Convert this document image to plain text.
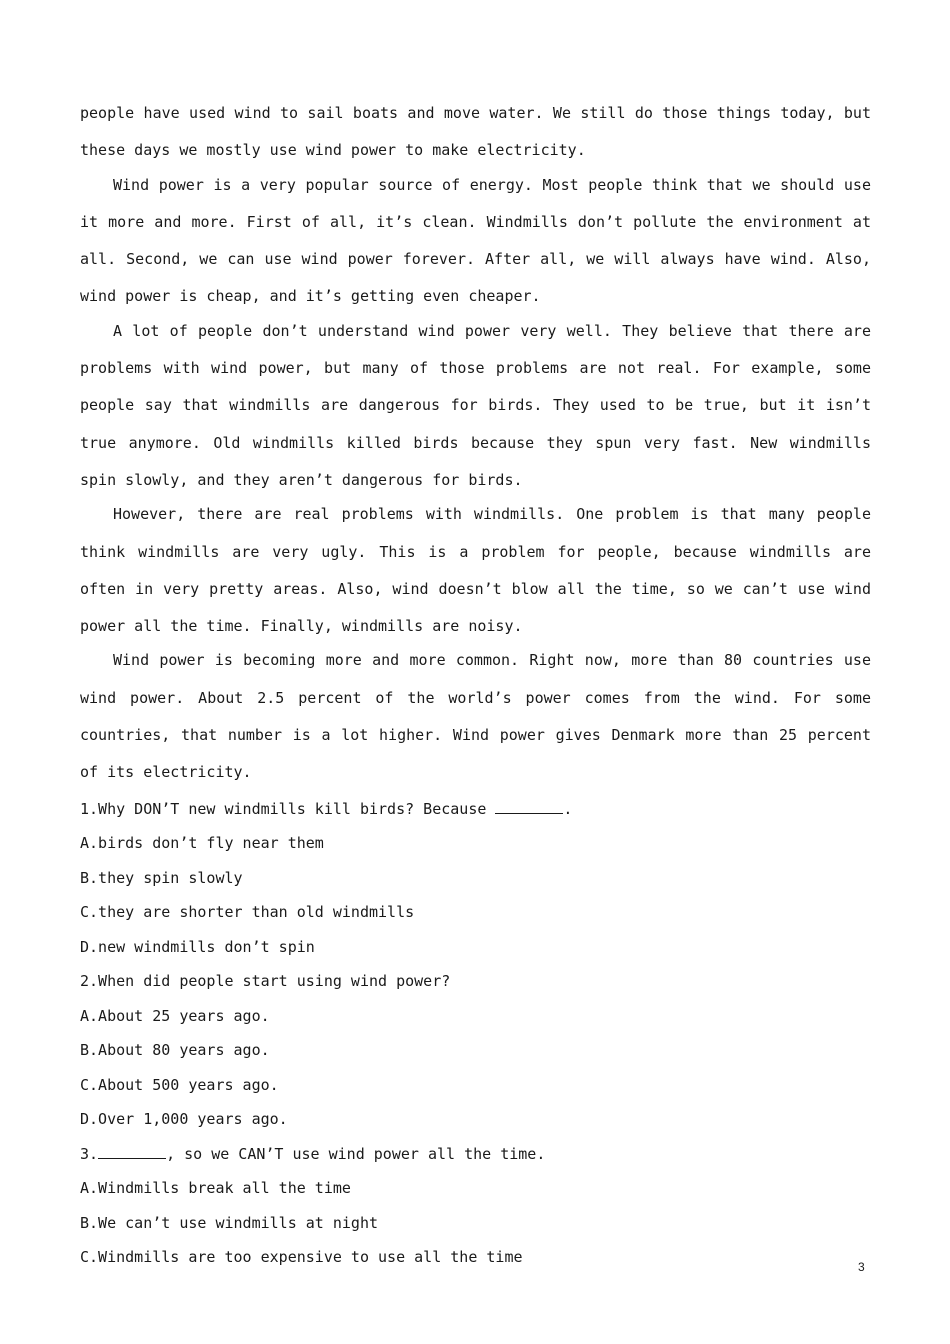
people have used wind to sail boats and move water. We still do those things today, but these days we mostly use wind power to make electricity.

Wind power is a very popular source of energy. Most people think that we should use it more and more. First of all, it’s clean. Windmills don’t pollute the environment at all. Second, we can use wind power forever. After all, we will always have wind. Also, wind power is cheap, and it’s getting even cheaper.

A lot of people don’t understand wind power very well. They believe that there are problems with wind power, but many of those problems are not real. For example, some people say that windmills are dangerous for birds. They used to be true, but it isn’t true anymore. Old windmills killed birds because they spun very fast. New windmills spin slowly, and they aren’t dangerous for birds.

However, there are real problems with windmills. One problem is that many people think windmills are very ugly. This is a problem for people, because windmills are often in very pretty areas. Also, wind doesn’t blow all the time, so we can’t use wind power all the time. Finally, windmills are noisy.

Wind power is becoming more and more common. Right now, more than 80 countries use wind power. About 2.5 percent of the world’s power comes from the wind. For some countries, that number is a lot higher. Wind power gives Denmark more than 25 percent of its electricity.

1.Why DON’T new windmills kill birds? Because	.

A.birds don’t fly near them

B.they spin slowly

C.they are shorter than old windmills

D.new windmills don’t spin

2.When did people start using wind power?

A.About 25 years ago.

B.About 80 years ago.

C.About 500 years ago.

D.Over 1,000 years ago.

3.	, so we CAN’T use wind power all the time.

A.Windmills break all the time

B.We can’t use windmills at night

C.Windmills are too expensive to use all the time

3
